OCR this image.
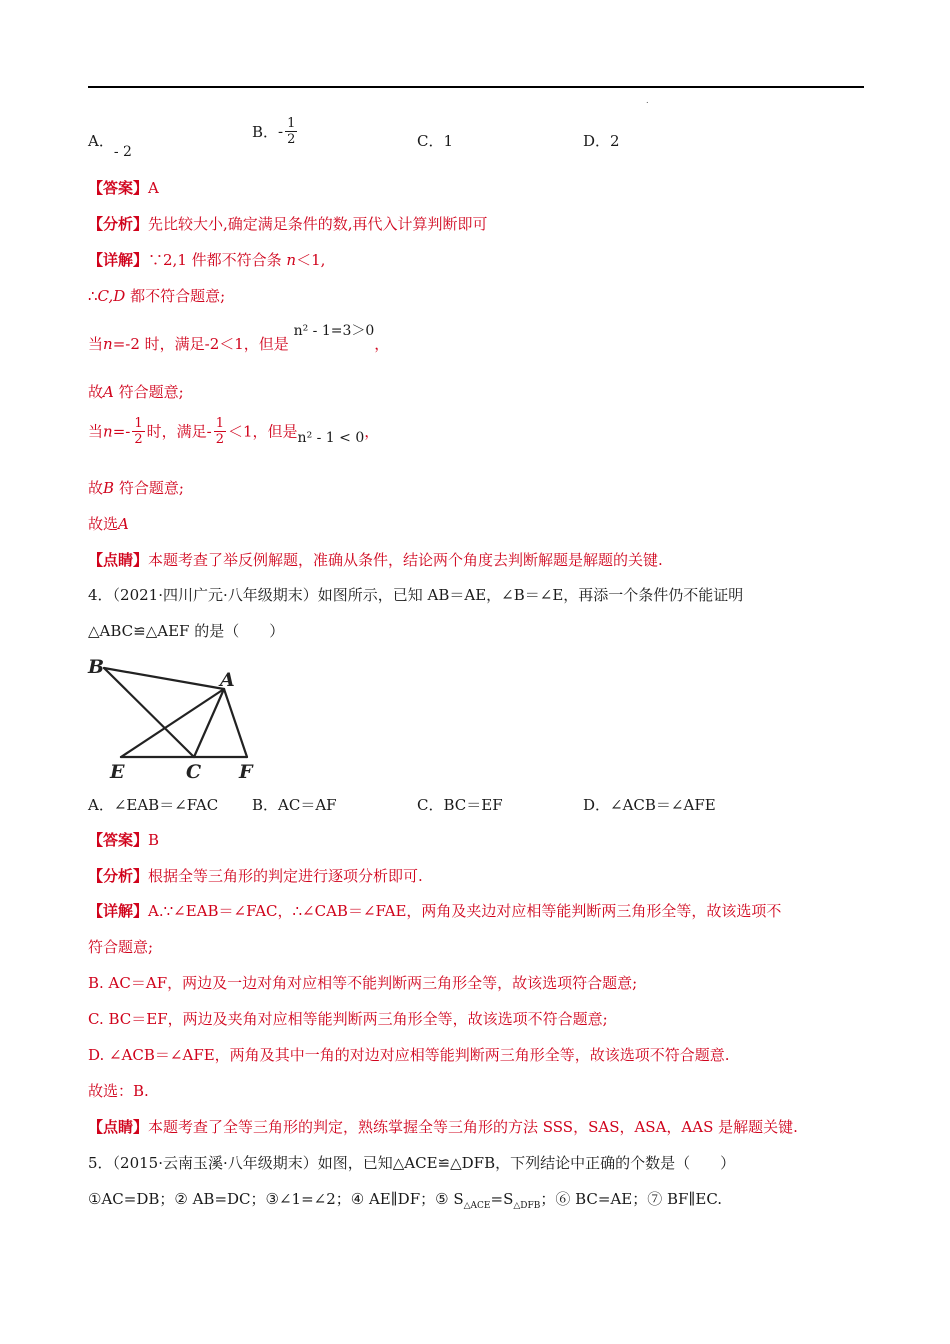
.
A．- 2
B．- $\frac{1}{2}$	C．1	D．2
【答案】A
【分析】先比较大小,确定满足条件的数,再代入计算判断即可
【详解】∵2,1 件都不符合条 n＜1,
∴C,D 都不符合题意;
当n=-2 时，满足-2＜1，但是 n² - 1=3＞0，
故A 符合题意;
当$n=- \frac{1}{2}$ 时，满足- $\frac{1}{2} <1$，但是n² - 1 < 0，
故B 符合题意;
故选A
【点睛】本题考查了举反例解题，准确从条件，结论两个角度去判断解题是解题的关键.
4．（2021·四川广元·八年级期末）如图所示，已知 AB＝AE，∠B＝∠E，再添一个条件仍不能证明
△ABC≌△AEF 的是（　　）
B
A
E	C F
A．∠EAB＝∠FAC B．AC＝AF	C．BC＝EF	D．∠ACB＝∠AFE
【答案】B
【分析】根据全等三角形的判定进行逐项分析即可.
【详解】A.∵∠EAB＝∠FAC，∴∠CAB＝∠FAE，两角及夹边对应相等能判断两三角形全等，故该选项不
符合题意;
B. AC＝AF，两边及一边对角对应相等不能判断两三角形全等，故该选项符合题意;
C. BC＝EF，两边及夹角对应相等能判断两三角形全等，故该选项不符合题意;
D. ∠ACB＝∠AFE，两角及其中一角的对边对应相等能判断两三角形全等，故该选项不符合题意.
故选：B.
【点睛】本题考查了全等三角形的判定，熟练掌握全等三角形的方法 SSS，SAS，ASA，AAS 是解题关键.
5．（2015·云南玉溪·八年级期末）如图，已知△ACE≌△DFB，下列结论中正确的个数是（　　）
①AC=DB；② AB=DC；③∠1=∠2；④ AE∥DF；⑤ $S_{\triangle ACE}=S_{\triangle DFB}$；⑥ BC=AE；⑦ BF∥EC.
